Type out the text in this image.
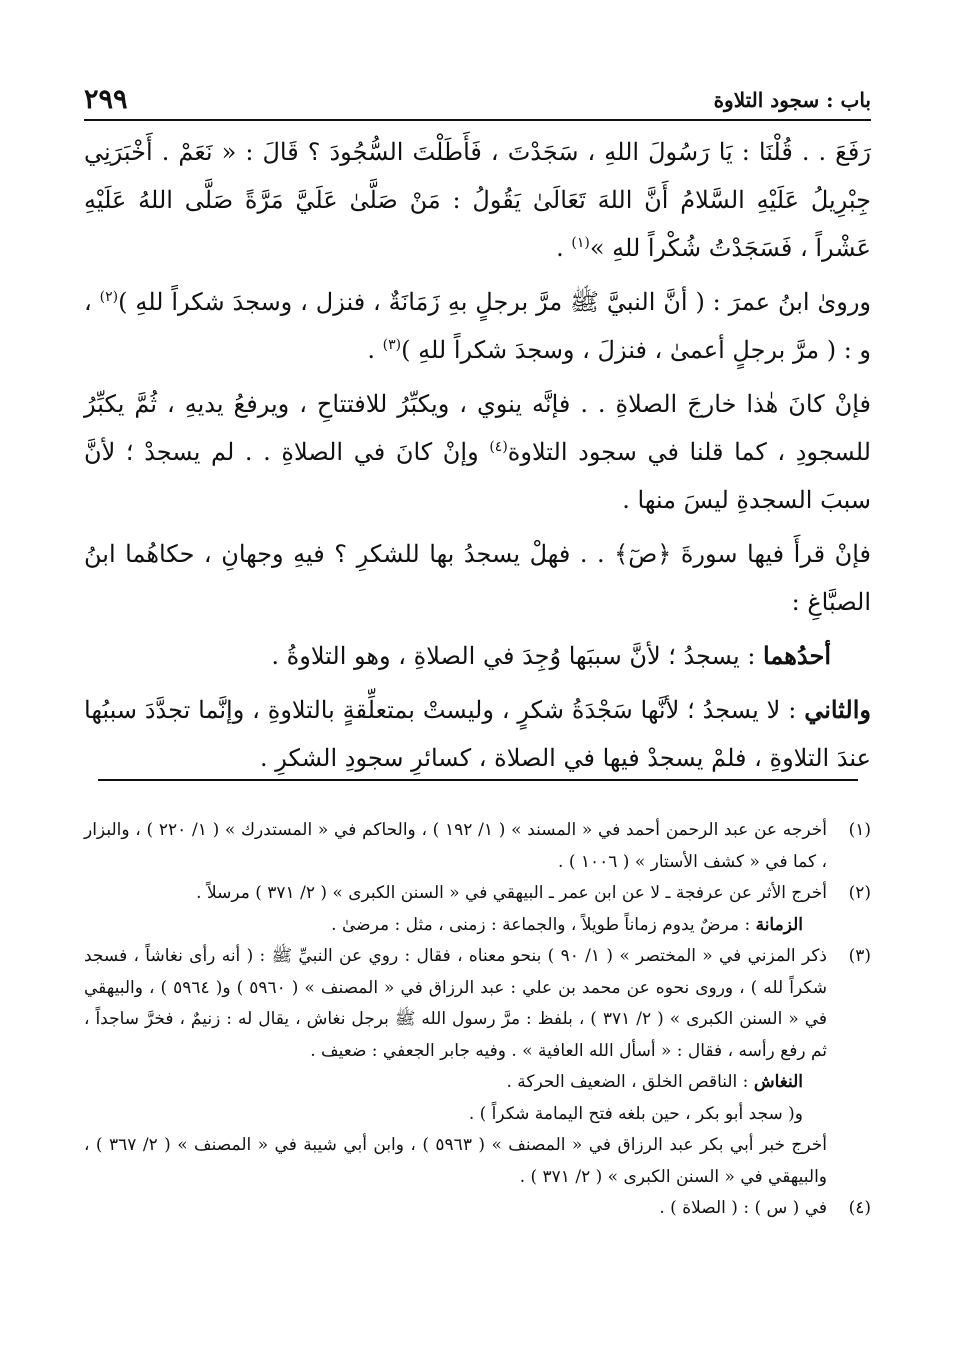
باب : سجود التلاوة
٢٩٩

رَفَعَ . . قُلْنَا : يَا رَسُولَ اللهِ ، سَجَدْتَ ، فَأَطَلْتَ السُّجُودَ ؟ قَالَ : « نَعَمْ . أَخْبَرَنِي جِبْرِيلُ عَلَيْهِ السَّلامُ أَنَّ اللهَ تَعَالَىٰ يَقُولُ : مَنْ صَلَّىٰ عَلَيَّ مَرَّةً صَلَّى اللهُ عَلَيْهِ عَشْراً ، فَسَجَدْتُ شُكْراً للهِ »$^{(١)}$ .

وروىٰ ابنُ عمرَ : ( أنَّ النبيَّ ﷺ مرَّ برجلٍ بهِ زَمَانَةٌ ، فنزل ، وسجدَ شكراً للهِ )$^{(٢)}$ ، و : ( مرَّ برجلٍ أعمىٰ ، فنزلَ ، وسجدَ شكراً للهِ )$^{(٣)}$ .

فإنْ كانَ هٰذا خارجَ الصلاةِ . . فإنَّه ينوي ، ويكبِّرُ للافتتاحِ ، ويرفعُ يديهِ ، ثُمَّ يكبِّرُ للسجودِ ، كما قلنا في سجود التلاوة$^{(٤)}$ وإنْ كانَ في الصلاةِ . . لم يسجدْ ؛ لأنَّ سببَ السجدةِ ليسَ منها .

فإنْ قرأَ فيها سورةَ ﴿صٓ﴾ . . فهلْ يسجدُ بها للشكرِ ؟ فيهِ وجهانِ ، حكاهُما ابنُ الصبَّاغِ :

أحدُهما : يسجدُ ؛ لأنَّ سببَها وُجِدَ في الصلاةِ ، وهو التلاوةُ .

والثاني : لا يسجدُ ؛ لأنَّها سَجْدَةُ شكرٍ ، وليستْ بمتعلِّقةٍ بالتلاوةِ ، وإنَّما تجدَّدَ سببُها عندَ التلاوةِ ، فلمْ يسجدْ فيها في الصلاة ، كسائرِ سجودِ الشكرِ .

(١)
أخرجه عن عبد الرحمن أحمد في « المسند » ( ١/ ١٩٢ ) ، والحاكم في « المستدرك » ( ١/ ٢٢٠ ) ، والبزار ، كما في « كشف الأستار » ( ١٠٠٦ ) .
(٢)
أخرج الأثر عن عرفجة ـ لا عن ابن عمر ـ البيهقي في « السنن الكبرى » ( ٢/ ٣٧١ ) مرسلاً .
الزمانة : مرضٌ يدوم زماناً طويلاً ، والجماعة : زمنى ، مثل : مرضىٰ .
(٣)
ذكر المزني في « المختصر » ( ١/ ٩٠ ) بنحو معناه ، فقال : روي عن النبيِّ ﷺ : ( أنه رأى نغاشاً ، فسجد شكراً لله ) ، وروى نحوه عن محمد بن علي : عبد الرزاق في « المصنف » ( ٥٩٦٠ ) و( ٥٩٦٤ ) ، والبيهقي في « السنن الكبرى » ( ٢/ ٣٧١ ) ، بلفظ : مرَّ رسول الله ﷺ برجل نغاش ، يقال له : زنيمٌ ، فخرَّ ساجداً ، ثم رفع رأسه ، فقال : « أسأل الله العافية » . وفيه جابر الجعفي : ضعيف .
النغاش : الناقص الخلق ، الضعيف الحركة .
و( سجد أبو بكر ، حين بلغه فتح اليمامة شكراً ) .
أخرج خبر أبي بكر عبد الرزاق في « المصنف » ( ٥٩٦٣ ) ، وابن أبي شيبة في « المصنف » ( ٢/ ٣٦٧ ) ، والبيهقي في « السنن الكبرى » ( ٢/ ٣٧١ ) .
(٤)
في ( س ) : ( الصلاة ) .
